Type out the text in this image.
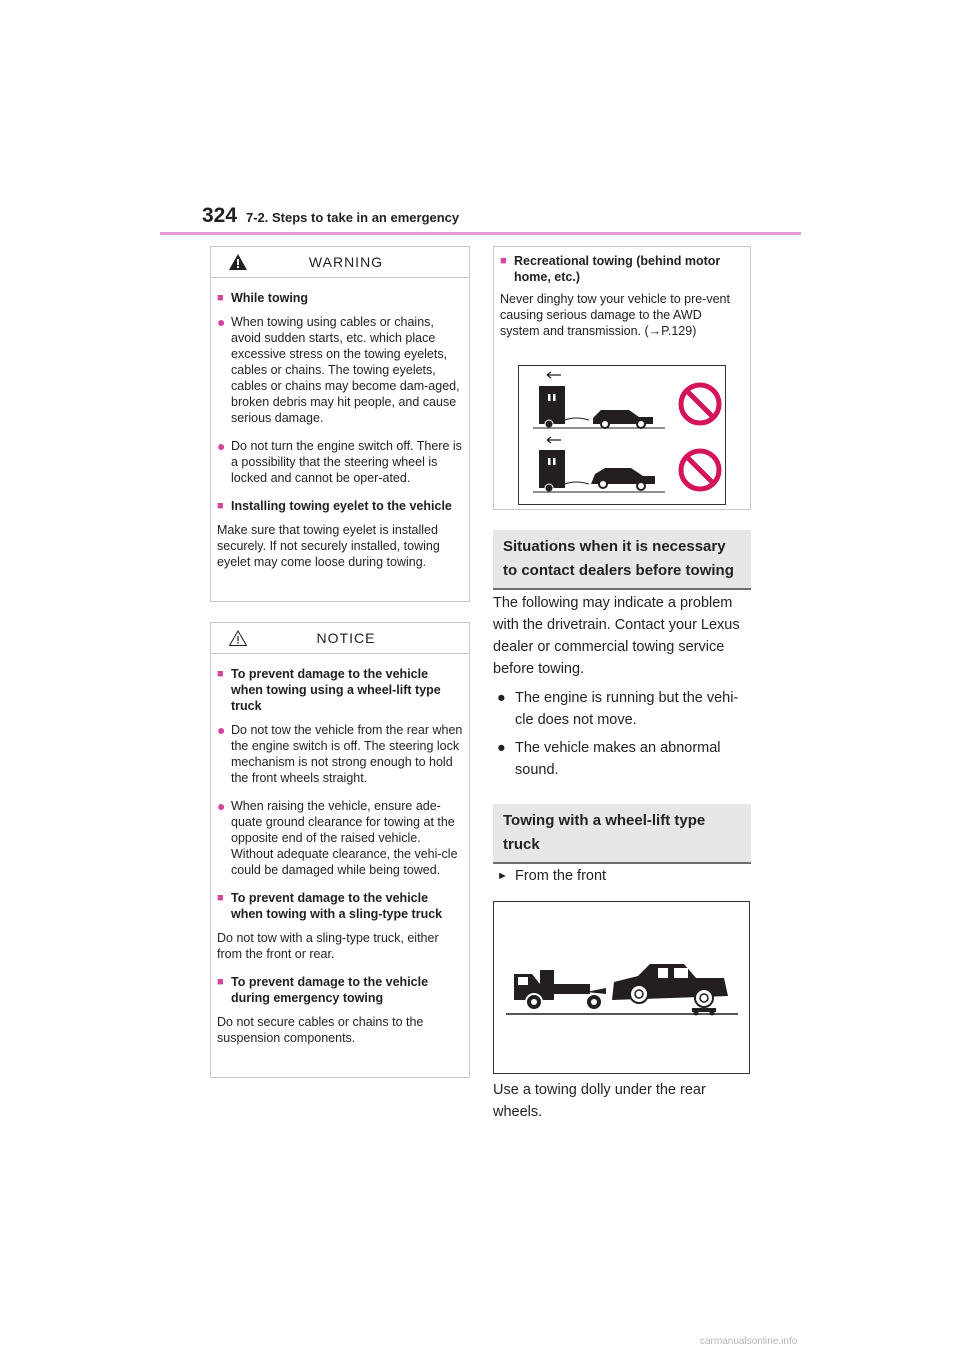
324 7-2. Steps to take in an emergency
WARNING
■ While towing
● When towing using cables or chains, avoid sudden starts, etc. which place excessive stress on the towing eyelets, cables or chains. The towing eyelets, cables or chains may become dam-aged, broken debris may hit people, and cause serious damage.
● Do not turn the engine switch off. There is a possibility that the steering wheel is locked and cannot be oper-ated.
■ Installing towing eyelet to the vehicle
Make sure that towing eyelet is installed securely. If not securely installed, towing eyelet may come loose during towing.
NOTICE
■ To prevent damage to the vehicle when towing using a wheel-lift type truck
● Do not tow the vehicle from the rear when the engine switch is off. The steering lock mechanism is not strong enough to hold the front wheels straight.
● When raising the vehicle, ensure ade-quate ground clearance for towing at the opposite end of the raised vehicle. Without adequate clearance, the vehi-cle could be damaged while being towed.
■ To prevent damage to the vehicle when towing with a sling-type truck
Do not tow with a sling-type truck, either from the front or rear.
■ To prevent damage to the vehicle during emergency towing
Do not secure cables or chains to the suspension components.
■ Recreational towing (behind motor home, etc.)
Never dinghy tow your vehicle to pre-vent causing serious damage to the AWD system and transmission. (→P.129)
Situations when it is necessary to contact dealers before towing
The following may indicate a problem with the drivetrain. Contact your Lexus dealer or commercial towing service before towing.
● The engine is running but the vehi-cle does not move.
● The vehicle makes an abnormal sound.
Towing with a wheel-lift type truck
► From the front
Use a towing dolly under the rear wheels.
carmanualsonline.info
